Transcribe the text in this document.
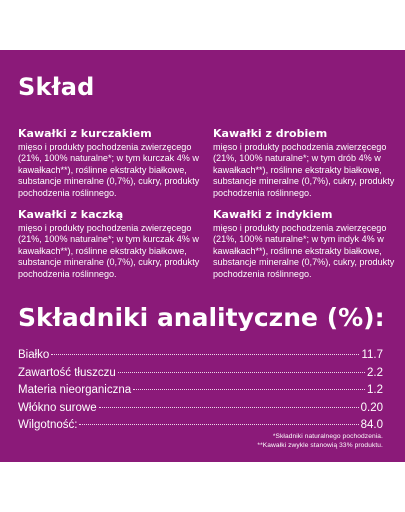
Skład
Kawałki z kurczakiem

mięso i produkty pochodzenia zwierzęcego (21%, 100% naturalne*; w tym kurczak 4% w kawałkach**), roślinne ekstrakty białkowe, substancje mineralne (0,7%), cukry, produkty pochodzenia roślinnego.

Kawałki z drobiem

mięso i produkty pochodzenia zwierzęcego (21%, 100% naturalne*; w tym drób 4% w kawałkach**), roślinne ekstrakty białkowe, substancje mineralne (0,7%), cukry, produkty pochodzenia roślinnego.

Kawałki z kaczką

mięso i produkty pochodzenia zwierzęcego (21%, 100% naturalne*; w tym kurczak 4% w kawałkach**), roślinne ekstrakty białkowe, substancje mineralne (0,7%), cukry, produkty pochodzenia roślinnego.

Kawałki z indykiem

mięso i produkty pochodzenia zwierzęcego (21%, 100% naturalne*; w tym indyk 4% w kawałkach**), roślinne ekstrakty białkowe, substancje mineralne (0,7%), cukry, produkty pochodzenia roślinnego.

Składniki analityczne (%):
Białko	11.7
Zawartość tłuszczu	2.2
Materia nieorganiczna	1.2
Włókno surowe	0.20
Wilgotność:	84.0
*Składniki naturalnego pochodzenia.
**Kawałki zwykle stanowią 33% produktu.
